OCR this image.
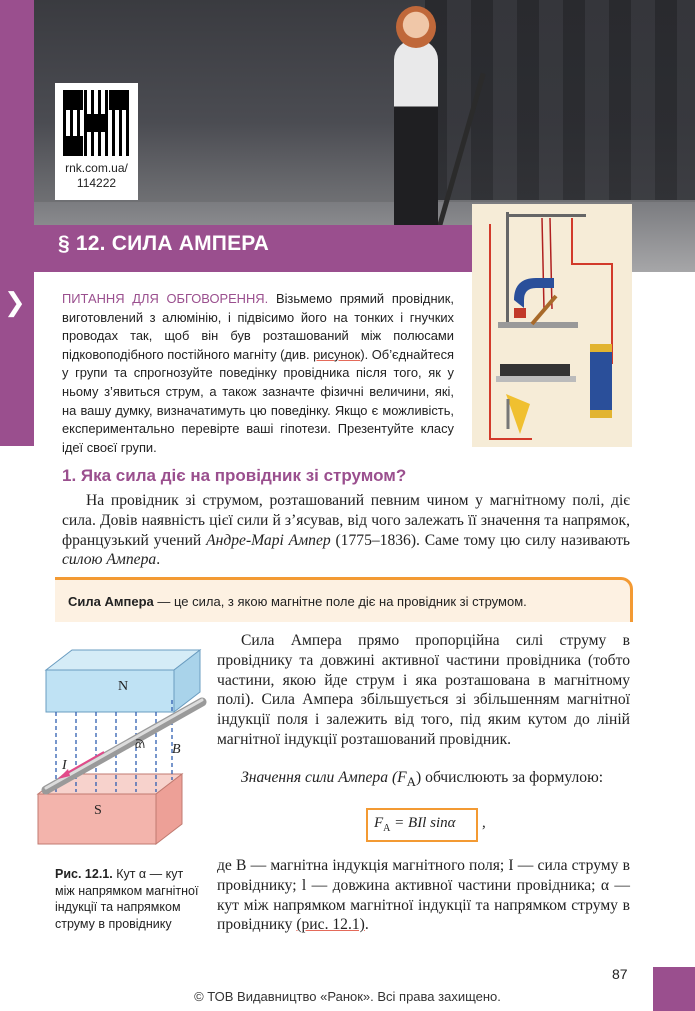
❯
rnk.com.ua/
114222
§ 12. СИЛА АМПЕРА
ПИТАННЯ ДЛЯ ОБГОВОРЕННЯ. Візьмемо прямий провідник, виготовлений з алюмінію, і підвісимо його на тонких і гнучких проводах так, щоб він був розташований між полюсами підковоподібного постійного магніту (див. рисунок). Об’єднайтеся у групи та спрогнозуйте поведінку провідника після того, як у ньому з’явиться струм, а також зазначте фізичні величини, які, на вашу думку, визначатимуть цю поведінку. Якщо є можливість, експериментально перевірте ваші гіпотези. Презентуйте класу ідеї своєї групи.
1. Яка сила діє на провідник зі струмом?
На провідник зі струмом, розташований певним чином у магнітному полі, діє сила. Довів наявність цієї сили й з’ясував, від чого залежать її значення та напрямок, французький учений Андре-Марі Ампер (1775–1836). Саме тому цю силу називають силою Ампера.
Сила Ампера — це сила, з якою магнітне поле діє на провідник зі струмом.
N
S
I
α B⃗
Рис. 12.1. Кут α — кут між напрямком магнітної індукції та напрямком струму в провіднику
Сила Ампера прямо пропорційна силі струму в провіднику та довжині активної частини провідника (тобто частини, якою йде струм і яка розташована в магнітному полі). Сила Ампера збільшується зі збільшенням магнітної індукції поля і залежить від того, під яким кутом до ліній магнітної індукції розташований провідник.
Значення сили Ампера $(F_A)$ обчислюють за формулою:
$F_A$ = BIl sinα ,
де B — магнітна індукція магнітного поля; I — сила струму в провіднику; l — довжина активної частини провідника; α — кут між напрямком магнітної індукції та напрямком струму в провіднику (рис. 12.1).
87
© ТОВ Видавництво «Ранок». Всі права захищено.
